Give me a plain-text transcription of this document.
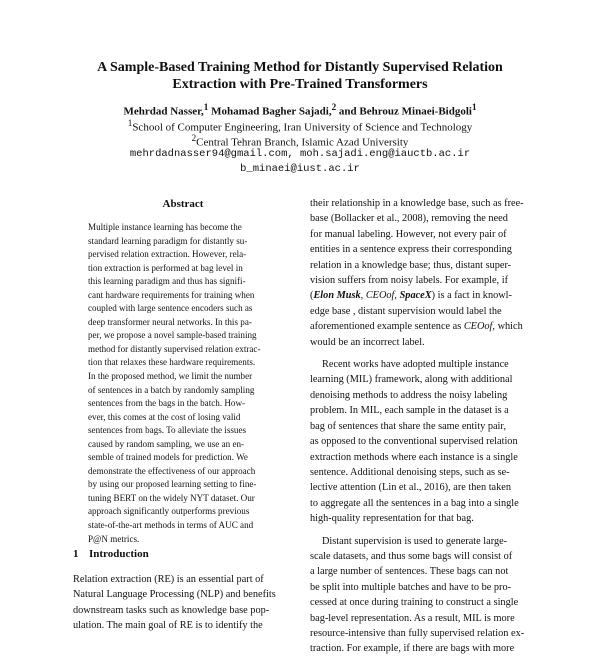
A Sample-Based Training Method for Distantly Supervised Relation
Extraction with Pre-Trained Transformers
Mehrdad Nasser,$^1$ Mohamad Bagher Sajadi,$^2$ and Behrouz Minaei-Bidgoli$^1$
$^1$School of Computer Engineering, Iran University of Science and Technology
$^2$Central Tehran Branch, Islamic Azad University
mehrdadnasser94@gmail.com, moh.sajadi.eng@iauctb.ac.ir
b_minaei@iust.ac.ir
Abstract
Multiple instance learning has become the
standard learning paradigm for distantly su-
pervised relation extraction. However, rela-
tion extraction is performed at bag level in
this learning paradigm and thus has signifi-
cant hardware requirements for training when
coupled with large sentence encoders such as
deep transformer neural networks. In this pa-
per, we propose a novel sample-based training
method for distantly supervised relation extrac-
tion that relaxes these hardware requirements.
In the proposed method, we limit the number
of sentences in a batch by randomly sampling
sentences from the bags in the batch. How-
ever, this comes at the cost of losing valid
sentences from bags. To alleviate the issues
caused by random sampling, we use an en-
semble of trained models for prediction. We
demonstrate the effectiveness of our approach
by using our proposed learning setting to fine-
tuning BERT on the widely NYT dataset. Our
approach significantly outperforms previous
state-of-the-art methods in terms of AUC and
P@N metrics.
1 Introduction
Relation extraction (RE) is an essential part of
Natural Language Processing (NLP) and benefits
downstream tasks such as knowledge base pop-
ulation. The main goal of RE is to identify the
their relationship in a knowledge base, such as free-
base (Bollacker et al., 2008), removing the need
for manual labeling. However, not every pair of
entities in a sentence express their corresponding
relation in a knowledge base; thus, distant super-
vision suffers from noisy labels. For example, if
(Elon Musk, CEOof, SpaceX) is a fact in knowl-
edge base , distant supervision would label the
aforementioned example sentence as CEOof, which
would be an incorrect label.
Recent works have adopted multiple instance
learning (MIL) framework, along with additional
denoising methods to address the noisy labeling
problem. In MIL, each sample in the dataset is a
bag of sentences that share the same entity pair,
as opposed to the conventional supervised relation
extraction methods where each instance is a single
sentence. Additional denoising steps, such as se-
lective attention (Lin et al., 2016), are then taken
to aggregate all the sentences in a bag into a single
high-quality representation for that bag.
Distant supervision is used to generate large-
scale datasets, and thus some bags will consist of
a large number of sentences. These bags can not
be split into multiple batches and have to be pro-
cessed at once during training to construct a single
bag-level representation. As a result, MIL is more
resource-intensive than fully supervised relation ex-
traction. For example, if there are bags with more
